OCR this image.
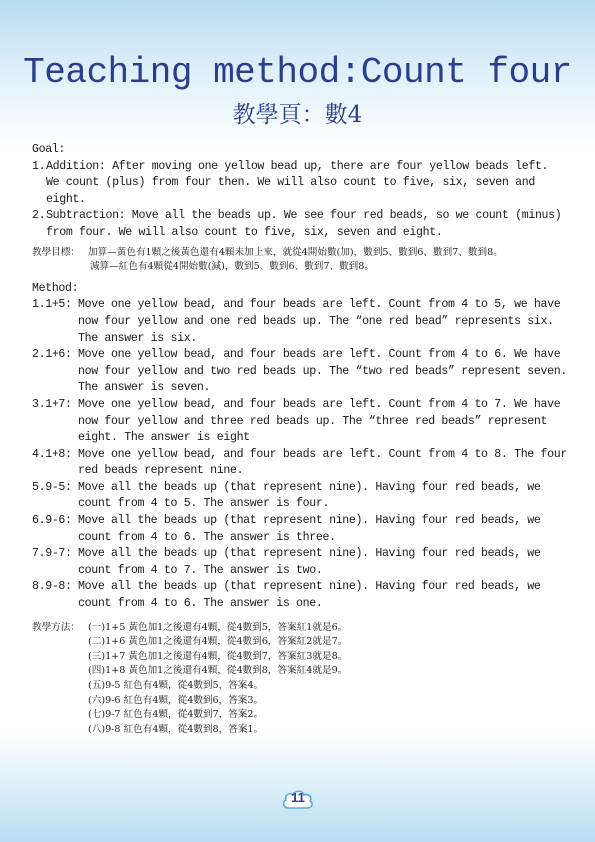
Teaching method:Count four
教學頁：數4
Goal:
1. Addition: After moving one yellow bead up, there are four yellow beads left. We count (plus) from four then. We will also count to five, six, seven and eight.
2. Subtraction: Move all the beads up. We see four red beads, so we count (minus) from four. We will also count to five, six, seven and eight.
教學目標： 加算—黃色有1顆之後黃色還有4顆未加上來，就從4開始數(加)，數到5、數到6、數到7、數到8。
減算—紅色有4顆從4開始數(減)，數到5、數到6、數到7、數到8。
Method:
1.1+5: Move one yellow bead, and four beads are left. Count from 4 to 5, we have now four yellow and one red beads up. The “one red bead” represents six. The answer is six.
2.1+6: Move one yellow bead, and four beads are left. Count from 4 to 6. We have now four yellow and two red beads up. The “two red beads” represent seven. The answer is seven.
3.1+7: Move one yellow bead, and four beads are left. Count from 4 to 7. We have now four yellow and three red beads up. The “three red beads” represent eight. The answer is eight
4.1+8: Move one yellow bead, and four beads are left. Count from 4 to 8. The four red beads represent nine.
5.9-5: Move all the beads up (that represent nine). Having four red beads, we count from 4 to 5. The answer is four.
6.9-6: Move all the beads up (that represent nine). Having four red beads, we count from 4 to 6. The answer is three.
7.9-7: Move all the beads up (that represent nine). Having four red beads, we count from 4 to 7. The answer is two.
8.9-8: Move all the beads up (that represent nine). Having four red beads, we count from 4 to 6. The answer is one.
教學方法： (一)1+5 黃色加1之後還有4顆，從4數到5，答案紅1就是6。
(二)1+6 黃色加1之後還有4顆，從4數到6，答案紅2就是7。
(三)1+7 黃色加1之後還有4顆，從4數到7，答案紅3就是8。
(四)1+8 黃色加1之後還有4顆，從4數到8，答案紅4就是9。
(五)9-5 紅色有4顆，從4數到5，答案4。
(六)9-6 紅色有4顆，從4數到6，答案3。
(七)9-7 紅色有4顆，從4數到7，答案2。
(八)9-8 紅色有4顆，從4數到8，答案1。
11
